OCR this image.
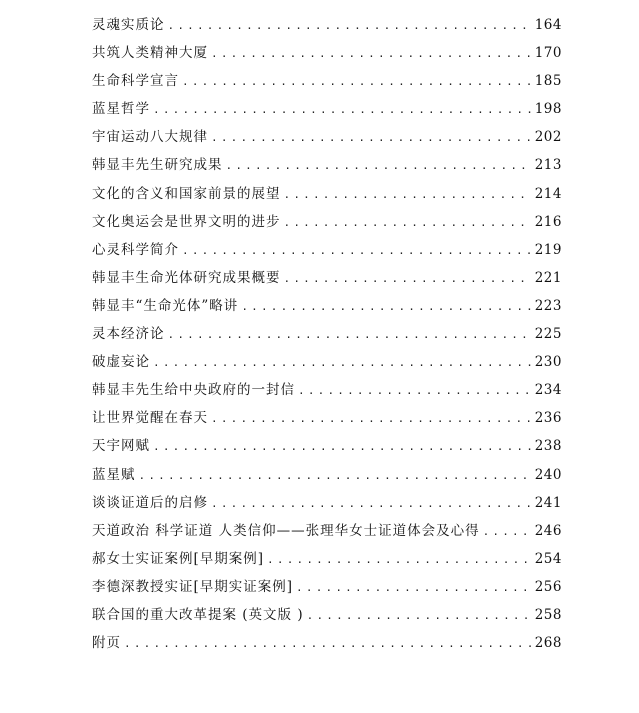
灵魂实质论 .....	164
共筑人类精神大厦 .....	170
生命科学宣言 .....	185
蓝星哲学 .....	198
宇宙运动八大规律 .....	202
韩显丰先生研究成果 .....	213
文化的含义和国家前景的展望 .....	214
文化奥运会是世界文明的进步 .....	216
心灵科学简介 .....	219
韩显丰生命光体研究成果概要 .....	221
韩显丰“生命光体”略讲 .....	223
灵本经济论 .....	225
破虚妄论 .....	230
韩显丰先生给中央政府的一封信 .....	234
让世界觉醒在春天 .....	236
天宇网赋 .....	238
蓝星赋 .....	240
谈谈证道后的启修 .....	241
天道政治 科学证道 人类信仰——张理华女士证道体会及心得 .....	246
郝女士实证案例[早期案例] .....	254
李德深教授实证[早期实证案例] .....	256
联合国的重大改革提案 (英文版 ) .....	258
附页 .....	268
